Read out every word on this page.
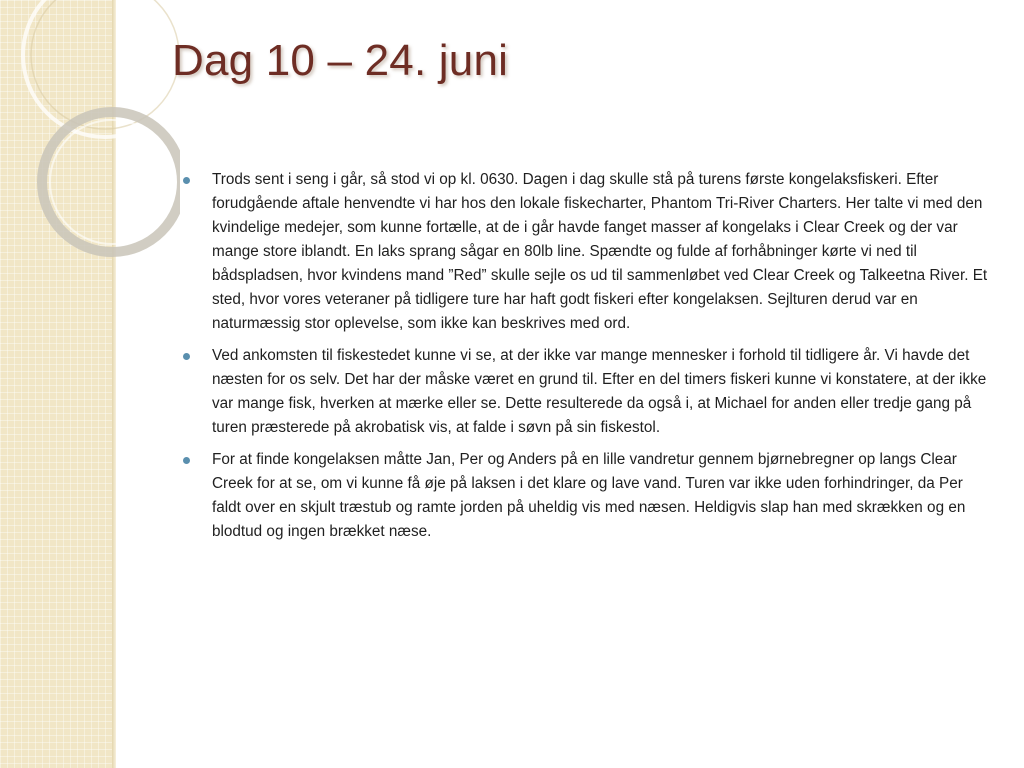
Dag 10 – 24. juni
Trods sent i seng i går, så stod vi op kl. 0630. Dagen i dag skulle stå på turens første kongelaksfiskeri. Efter forudgående aftale henvendte vi har hos den lokale fiskecharter, Phantom Tri-River Charters. Her talte vi med den kvindelige medejer, som kunne fortælle, at de i går havde fanget masser af kongelaks i Clear Creek og der var mange store iblandt. En laks sprang sågar en 80lb line. Spændte og fulde af forhåbninger kørte vi ned til bådspladsen, hvor kvindens mand ”Red” skulle sejle os ud til sammenløbet ved Clear Creek og Talkeetna River. Et sted, hvor vores veteraner på tidligere ture har haft godt fiskeri efter kongelaksen. Sejlturen derud var en naturmæssig stor oplevelse, som ikke kan beskrives med ord.
Ved ankomsten til fiskestedet kunne vi se, at der ikke var mange mennesker i forhold til tidligere år. Vi havde det næsten for os selv. Det har der måske været en grund til. Efter en del timers fiskeri kunne vi konstatere, at der ikke var mange fisk, hverken at mærke eller se. Dette resulterede da også i, at Michael for anden eller tredje gang på turen præsterede på akrobatisk vis, at falde i søvn på sin fiskestol.
For at finde kongelaksen måtte Jan, Per og Anders på en lille vandretur gennem bjørnebregner op langs Clear Creek for at se, om vi kunne få øje på laksen i det klare og lave vand. Turen var ikke uden forhindringer, da Per faldt over en skjult træstub og ramte jorden på uheldig vis med næsen. Heldigvis slap han med skrækken og en blodtud og ingen brækket næse.
